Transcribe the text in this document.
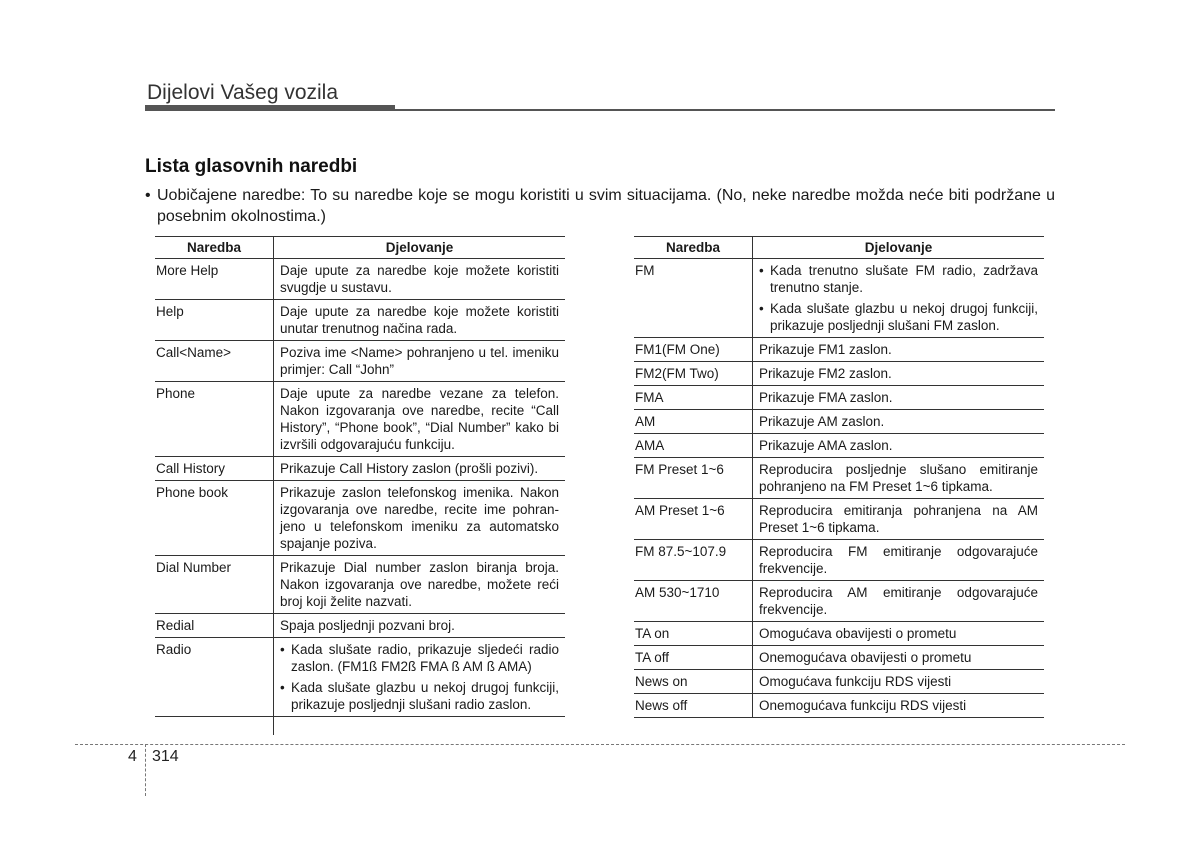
Dijelovi Vašeg vozila
Lista glasovnih naredbi
• Uobičajene naredbe: To su naredbe koje se mogu koristiti u svim situacijama. (No, neke naredbe možda neće biti podržane u posebnim okolnostima.)
Naredba	Djelovanje
More Help	Daje upute za naredbe koje možete koristiti svugdje u sustavu.

Help	Daje upute za naredbe koje možete koristiti unutar trenutnog načina rada.

Call<Name>	Poziva ime <Name> pohranjeno u tel. imeniku primjer: Call “John”

Phone	Daje upute za naredbe vezane za telefon. Nakon izgovaranja ove naredbe, recite “Call History”, “Phone book”, “Dial Number” kako bi izvršili odgovarajuću funkciju.

Call History	Prikazuje Call History zaslon (prošli pozivi).

Phone book	Prikazuje zaslon telefonskog imenika. Nakon izgovaranja ove naredbe, recite ime pohran-jeno u telefonskom imeniku za automatsko spajanje poziva.

Dial Number	Prikazuje Dial number zaslon biranja broja. Nakon izgovaranja ove naredbe, možete reći broj koji želite nazvati.

Redial	Spaja posljednji pozvani broj.

Radio	• Kada slušate radio, prikazuje sljedeći radio zaslon. (FM1ß FM2ß FMA ß AM ß AMA)
• Kada slušate glazbu u nekoj drugoj funkciji, prikazuje posljednji slušani radio zaslon.

Naredba	Djelovanje
FM	• Kada trenutno slušate FM radio, zadržava trenutno stanje.
• Kada slušate glazbu u nekoj drugoj funkciji, prikazuje posljednji slušani FM zaslon.

FM1(FM One)	Prikazuje FM1 zaslon.

FM2(FM Two)	Prikazuje FM2 zaslon.

FMA	Prikazuje FMA zaslon.

AM	Prikazuje AM zaslon.

AMA	Prikazuje AMA zaslon.

FM Preset 1~6	Reproducira posljednje slušano emitiranje pohranjeno na FM Preset 1~6 tipkama.

AM Preset 1~6	Reproducira emitiranja pohranjena na AM Preset 1~6 tipkama.

FM 87.5~107.9	Reproducira FM emitiranje odgovarajuće frekvencije.

AM 530~1710	Reproducira AM emitiranje odgovarajuće frekvencije.

TA on	Omogućava obavijesti o prometu

TA off	Onemogućava obavijesti o prometu

News on	Omogućava funkciju RDS vijesti

News off	Onemogućava funkciju RDS vijesti
4 314
